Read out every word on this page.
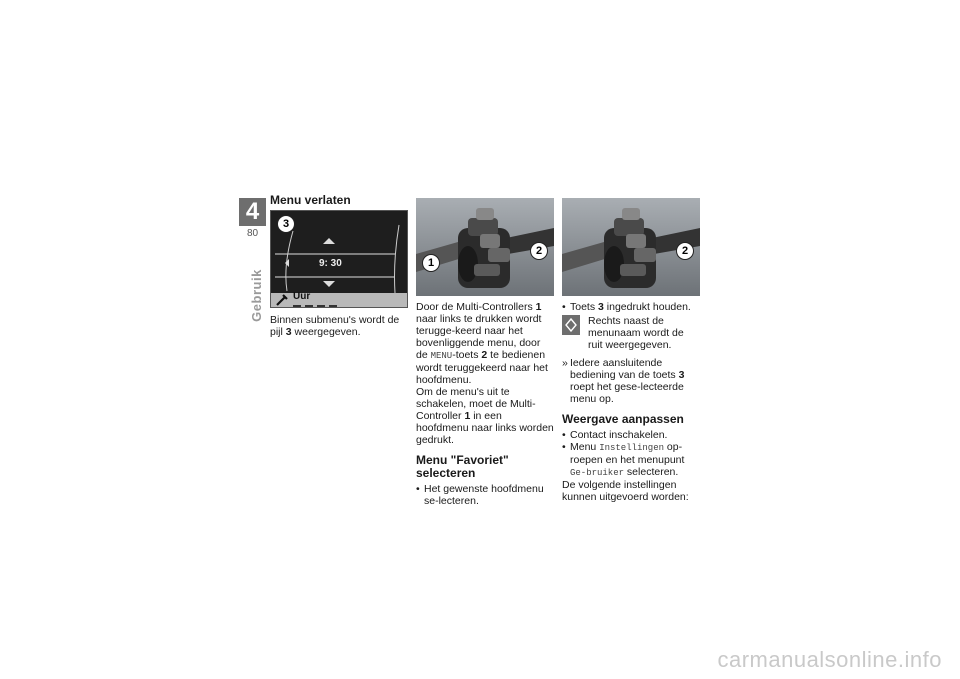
4
80
Gebruik
Menu verlaten
9: 30
Uur
3

Binnen submenu's wordt de pijl 3 weergegeven.

1
2

Door de Multi-Controllers 1 naar links te drukken wordt terugge-keerd naar het bovenliggende menu, door de MENU-toets 2 te bedienen wordt teruggekeerd naar het hoofdmenu.

Om de menu's uit te schakelen, moet de Multi-Controller 1 in een hoofdmenu naar links worden gedrukt.

Menu "Favoriet" selecteren
• Het gewenste hoofdmenu se-lecteren.
2
• Toets 3 ingedrukt houden.

Rechts naast de menunaam wordt de ruit weergegeven.

» Iedere aansluitende bediening van de toets 3 roept het gese-lecteerde menu op.

Weergave aanpassen
• Contact inschakelen.
• Menu Instellingen op-roepen en het menupunt Ge-bruiker selecteren.

De volgende instellingen kunnen uitgevoerd worden:

carmanualsonline.info
